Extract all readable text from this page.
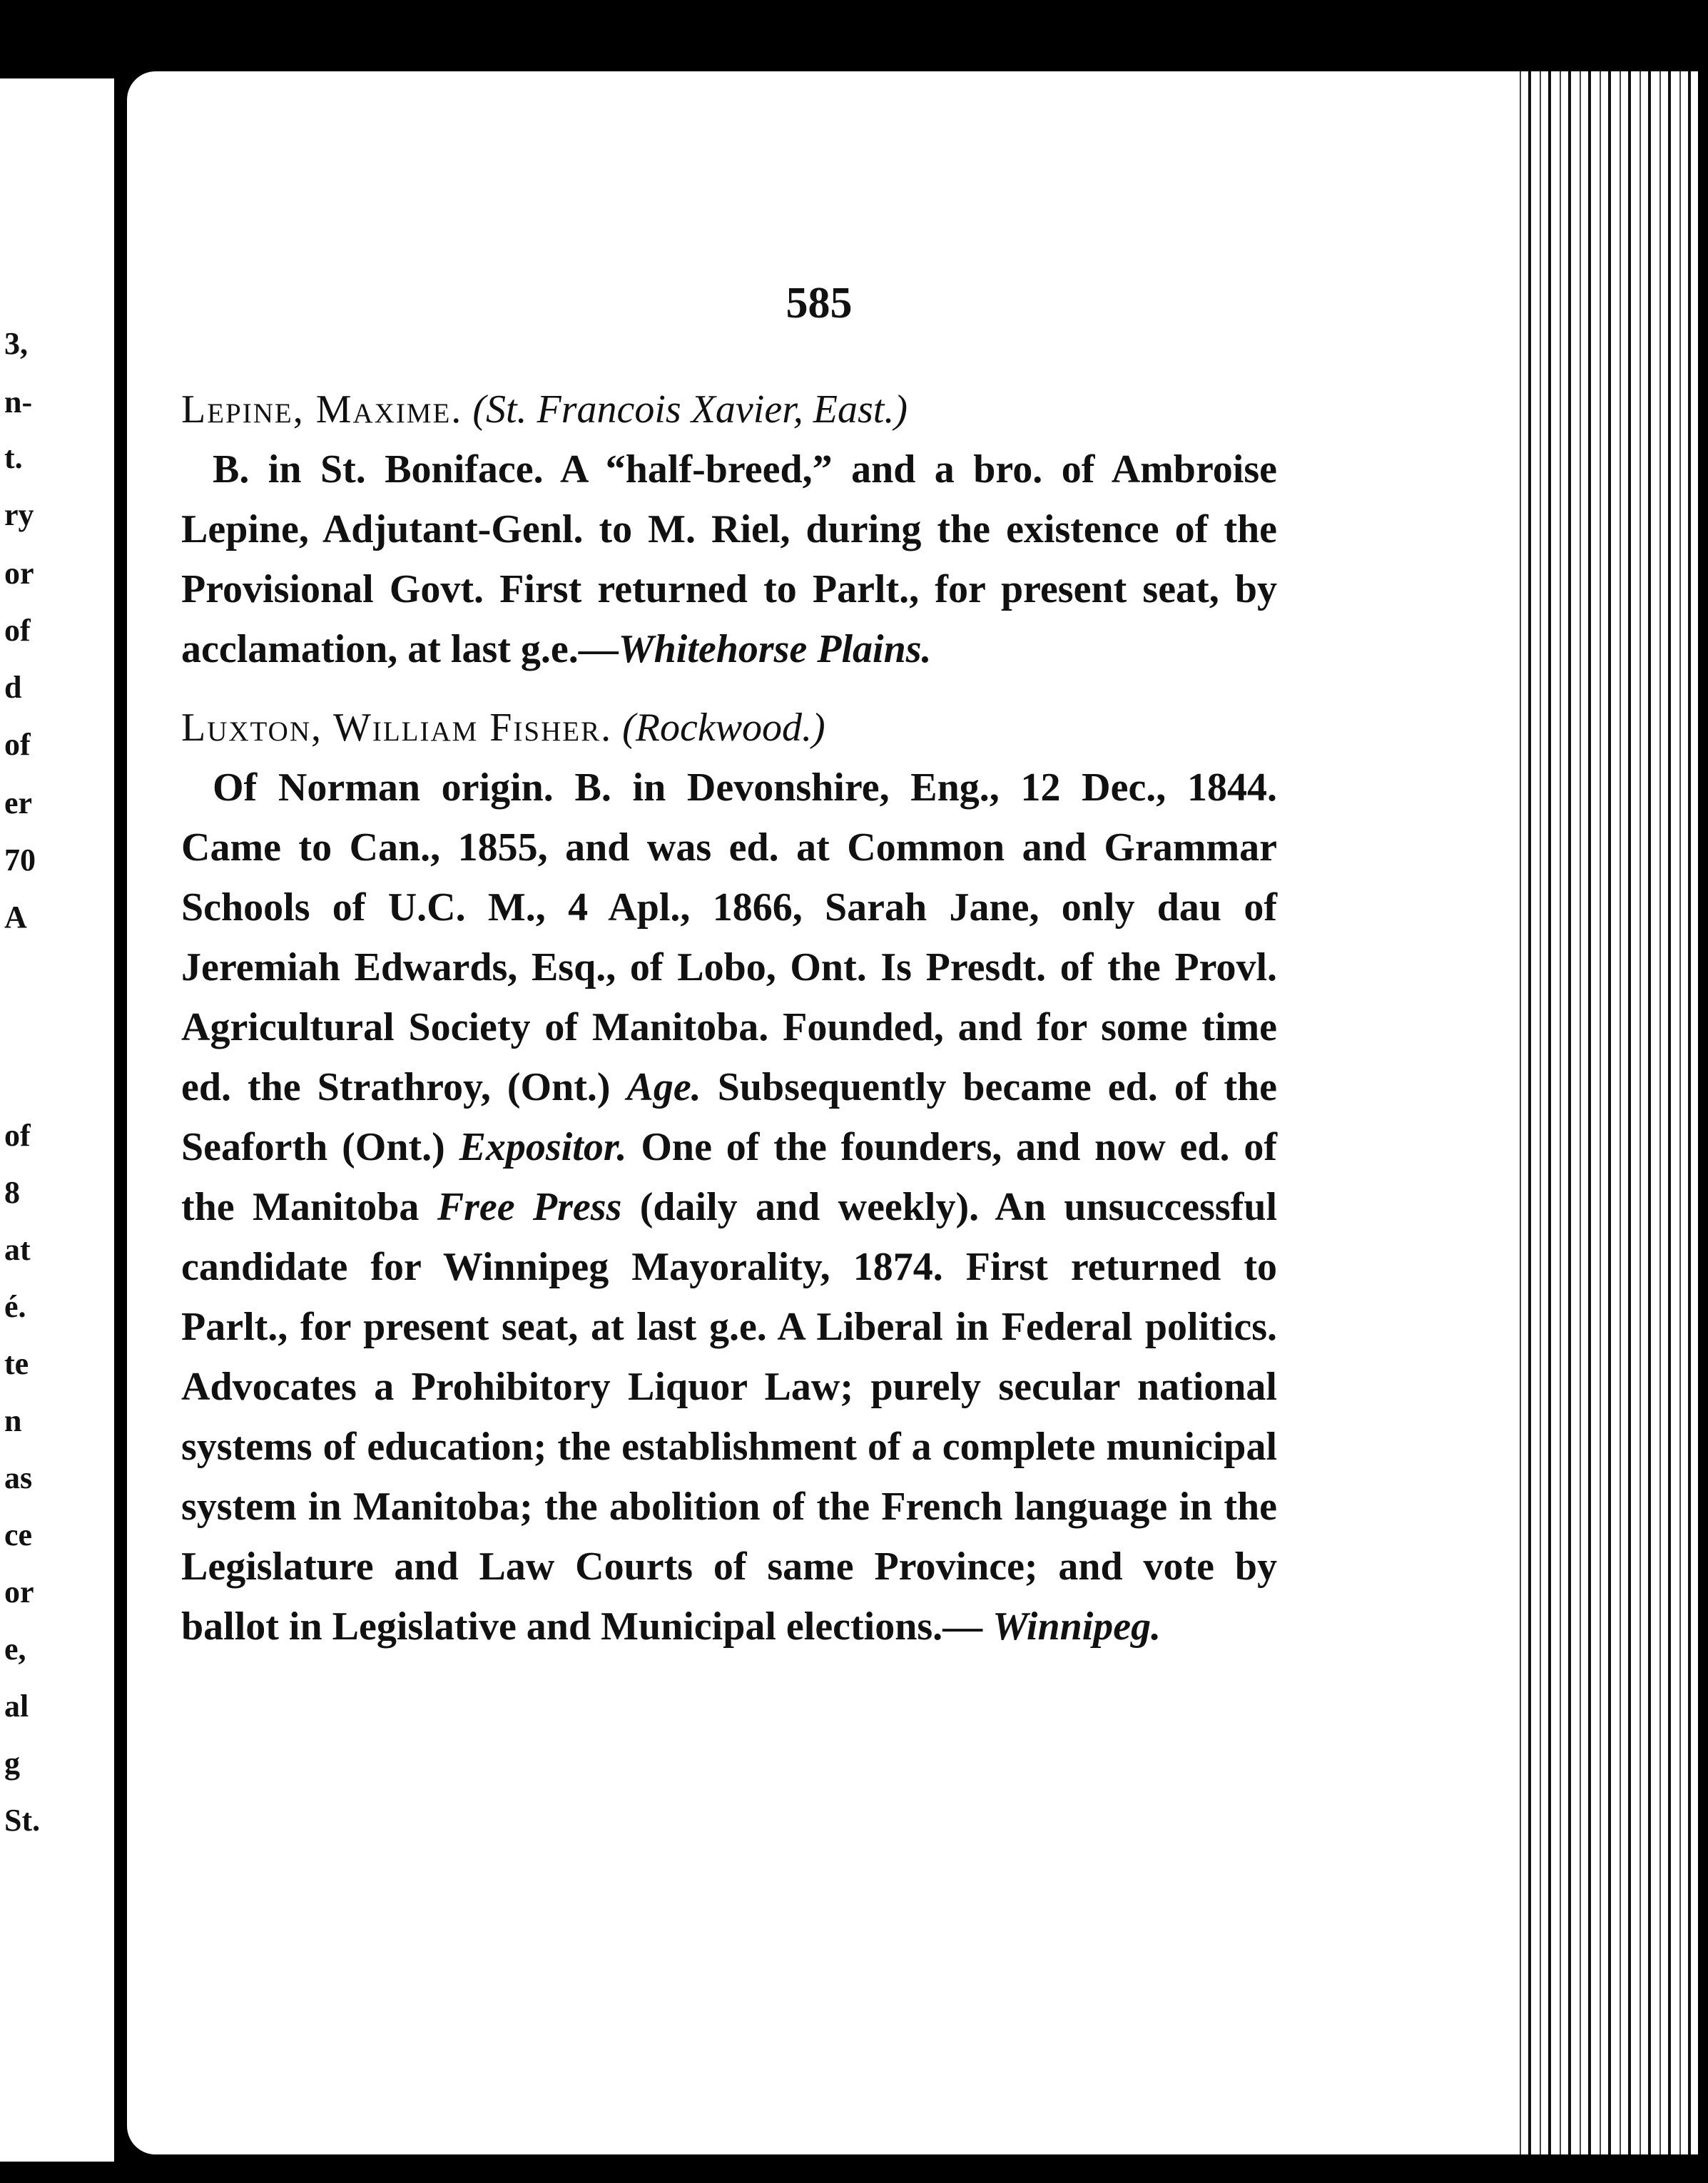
3,
n-
t.
ry
or
of
d
of
er
70
A
of
8
at
é.
te
n
as
ce
or
e,
al
g
St.
585

Lepine, Maxime. (St. Francois Xavier, East.)

B. in St. Boniface. A “half-breed,” and a bro. of Ambroise Lepine, Adjutant-Genl. to M. Riel, during the existence of the Provisional Govt. First returned to Parlt., for present seat, by acclamation, at last g.e.—Whitehorse Plains.

Luxton, William Fisher. (Rockwood.)

Of Norman origin. B. in Devonshire, Eng., 12 Dec., 1844. Came to Can., 1855, and was ed. at Common and Grammar Schools of U.C. M., 4 Apl., 1866, Sarah Jane, only dau of Jeremiah Edwards, Esq., of Lobo, Ont. Is Presdt. of the Provl. Agricultural Society of Manitoba. Founded, and for some time ed. the Strathroy, (Ont.) Age. Subsequently became ed. of the Seaforth (Ont.) Expositor. One of the founders, and now ed. of the Manitoba Free Press (daily and weekly). An unsuccessful candidate for Winnipeg Mayorality, 1874. First returned to Parlt., for present seat, at last g.e. A Liberal in Federal politics. Advocates a Prohibitory Liquor Law; purely secular national systems of education; the establishment of a complete municipal system in Manitoba; the abolition of the French language in the Legislature and Law Courts of same Province; and vote by ballot in Legislative and Municipal elections.— Winnipeg.
